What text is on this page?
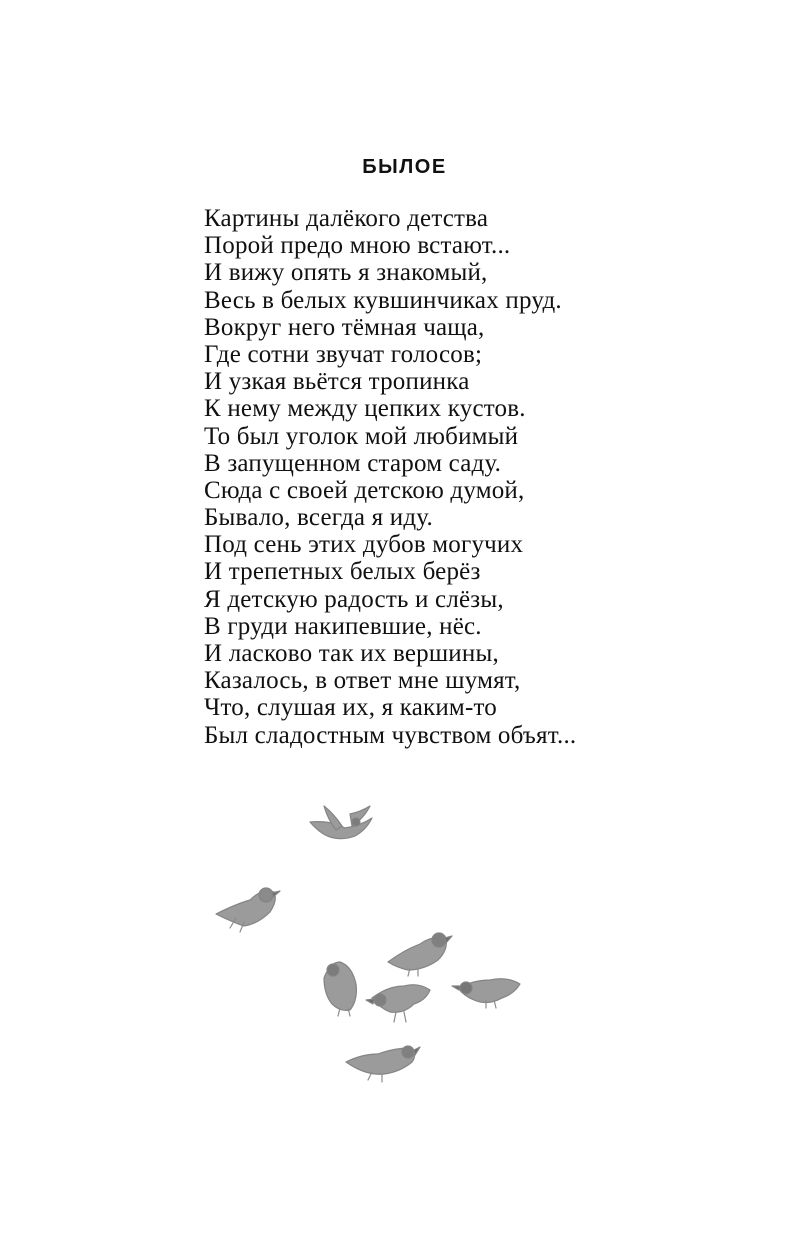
БЫЛОЕ
Картины далёкого детства
Порой предо мною встают...
И вижу опять я знакомый,
Весь в белых кувшинчиках пруд.
Вокруг него тёмная чаща,
Где сотни звучат голосов;
И узкая вьётся тропинка
К нему между цепких кустов.
То был уголок мой любимый
В запущенном старом саду.
Сюда с своей детскою думой,
Бывало, всегда я иду.
Под сень этих дубов могучих
И трепетных белых берёз
Я детскую радость и слёзы,
В груди накипевшие, нёс.
И ласково так их вершины,
Казалось, в ответ мне шумят,
Что, слушая их, я каким-то
Был сладостным чувством объят...
